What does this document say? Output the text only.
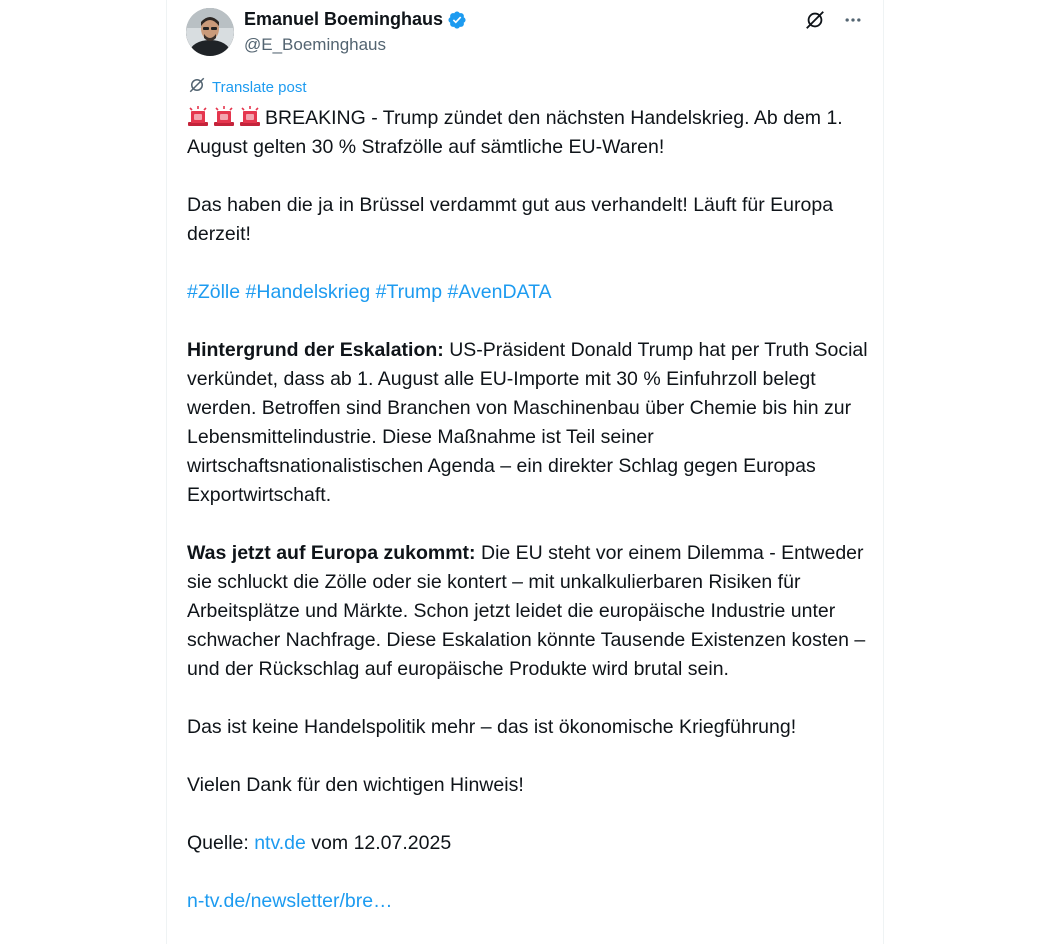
Emanuel Boeminghaus
@E_Boeminghaus
Translate post

BREAKING - Trump zündet den nächsten Handelskrieg. Ab dem 1. August gelten 30 % Strafzölle auf sämtliche EU-Waren!

Das haben die ja in Brüssel verdammt gut aus verhandelt! Läuft für Europa derzeit!

#Zölle #Handelskrieg #Trump #AvenDATA

Hintergrund der Eskalation: US-Präsident Donald Trump hat per Truth Social verkündet, dass ab 1. August alle EU-Importe mit 30 % Einfuhrzoll belegt werden. Betroffen sind Branchen von Maschinenbau über Chemie bis hin zur Lebensmittelindustrie. Diese Maßnahme ist Teil seiner wirtschaftsnationalistischen Agenda – ein direkter Schlag gegen Europas Exportwirtschaft.

Was jetzt auf Europa zukommt: Die EU steht vor einem Dilemma - Entweder sie schluckt die Zölle oder sie kontert – mit unkalkulierbaren Risiken für Arbeitsplätze und Märkte. Schon jetzt leidet die europäische Industrie unter schwacher Nachfrage. Diese Eskalation könnte Tausende Existenzen kosten – und der Rückschlag auf europäische Produkte wird brutal sein.

Das ist keine Handelspolitik mehr – das ist ökonomische Kriegführung!

Vielen Dank für den wichtigen Hinweis!

Quelle: ntv.de vom 12.07.2025

n-tv.de/newsletter/bre…
